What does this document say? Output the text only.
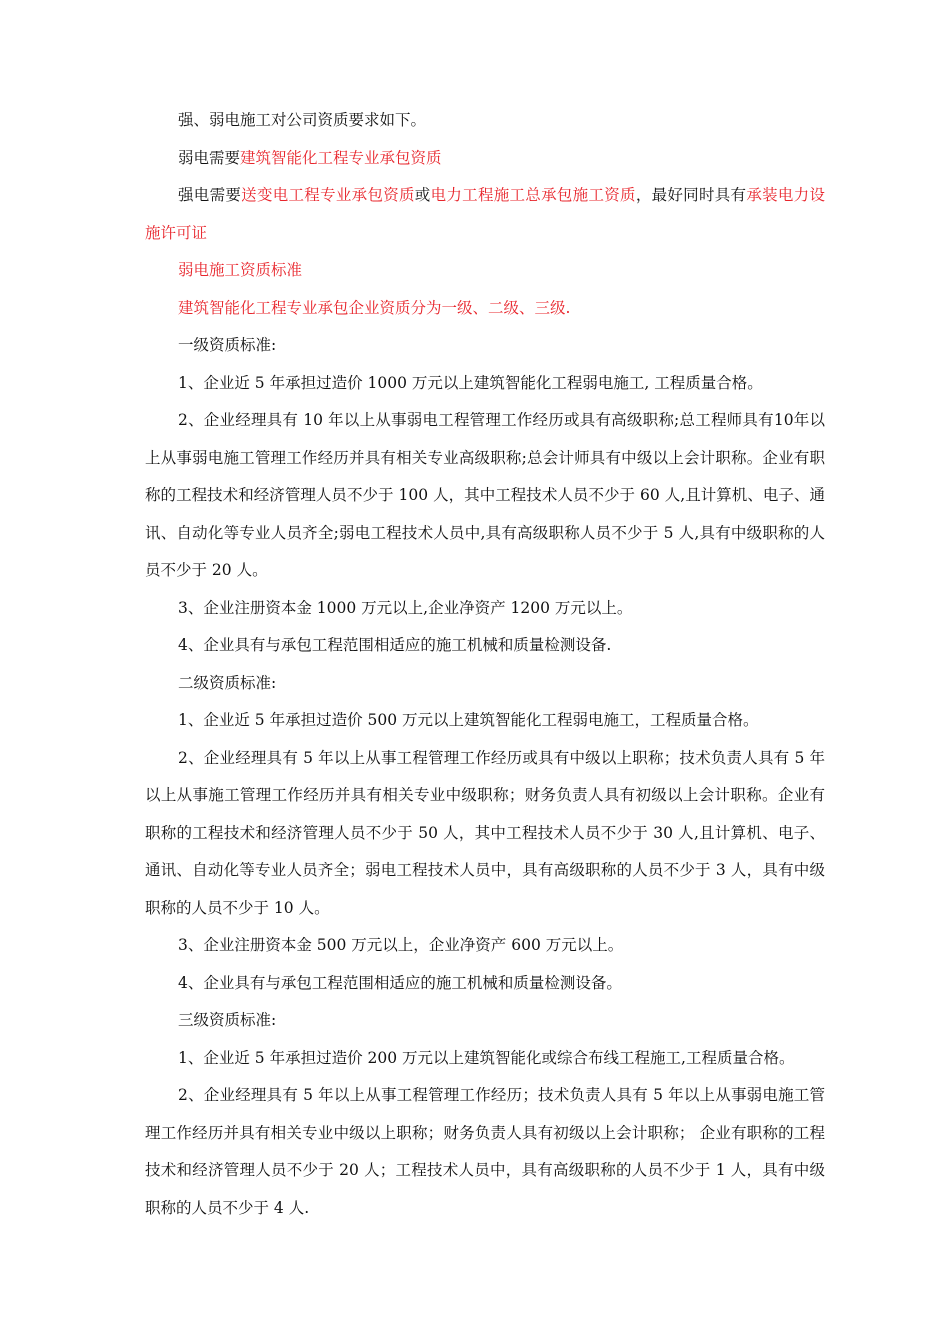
强、弱电施工对公司资质要求如下。

弱电需要建筑智能化工程专业承包资质

强电需要送变电工程专业承包资质或电力工程施工总承包施工资质，最好同时具有承装电力设施许可证

弱电施工资质标准

建筑智能化工程专业承包企业资质分为一级、二级、三级.

一级资质标准:

1、企业近 5 年承担过造价 1000 万元以上建筑智能化工程弱电施工, 工程质量合格。

2、企业经理具有 10 年以上从事弱电工程管理工作经历或具有高级职称;总工程师具有10年以上从事弱电施工管理工作经历并具有相关专业高级职称;总会计师具有中级以上会计职称。企业有职称的工程技术和经济管理人员不少于 100 人，其中工程技术人员不少于 60 人,且计算机、电子、通讯、自动化等专业人员齐全;弱电工程技术人员中,具有高级职称人员不少于 5 人,具有中级职称的人员不少于 20 人。

3、企业注册资本金 1000 万元以上,企业净资产 1200 万元以上。

4、企业具有与承包工程范围相适应的施工机械和质量检测设备.

二级资质标准:

1、企业近 5 年承担过造价 500 万元以上建筑智能化工程弱电施工，工程质量合格。

2、企业经理具有 5 年以上从事工程管理工作经历或具有中级以上职称；技术负责人具有 5 年以上从事施工管理工作经历并具有相关专业中级职称；财务负责人具有初级以上会计职称。企业有职称的工程技术和经济管理人员不少于 50 人，其中工程技术人员不少于 30 人,且计算机、电子、通讯、自动化等专业人员齐全；弱电工程技术人员中，具有高级职称的人员不少于 3 人，具有中级职称的人员不少于 10 人。

3、企业注册资本金 500 万元以上，企业净资产 600 万元以上。

4、企业具有与承包工程范围相适应的施工机械和质量检测设备。

三级资质标准:

1、企业近 5 年承担过造价 200 万元以上建筑智能化或综合布线工程施工,工程质量合格。

2、企业经理具有 5 年以上从事工程管理工作经历；技术负责人具有 5 年以上从事弱电施工管理工作经历并具有相关专业中级以上职称；财务负责人具有初级以上会计职称； 企业有职称的工程技术和经济管理人员不少于 20 人；工程技术人员中，具有高级职称的人员不少于 1 人，具有中级职称的人员不少于 4 人.
